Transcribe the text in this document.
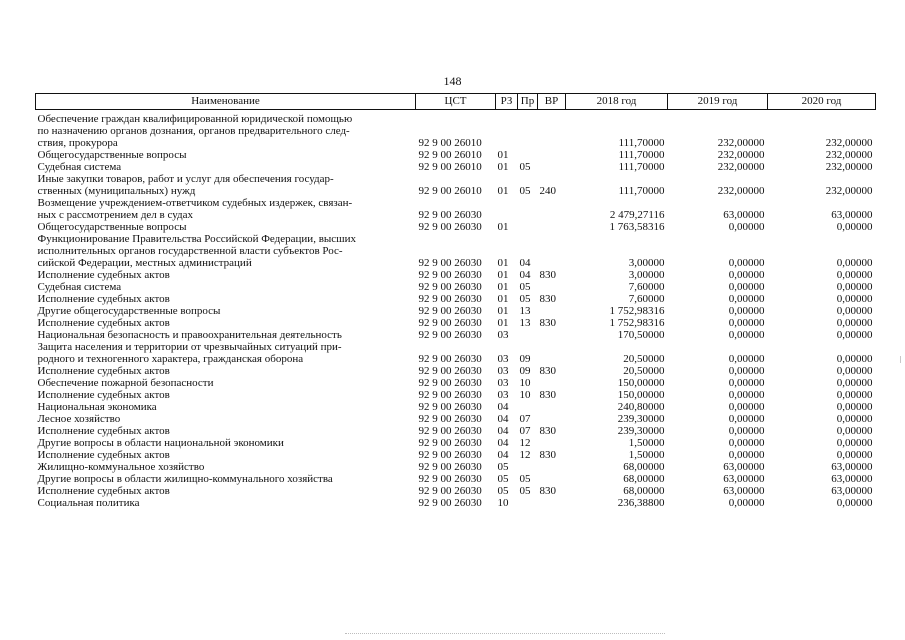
148
Наименование	ЦСТ	РЗ	Пр	ВР	2018 год	2019 год	2020 год

Обеспечение граждан квалифицированной юридической помощью
по назначению органов дознания, органов предварительного след-
ствия, прокурора	92 9 00 26010				111,70000	232,00000	232,00000

Общегосударственные вопросы	92 9 00 26010	01			111,70000	232,00000	232,00000

Судебная система	92 9 00 26010	01	05		111,70000	232,00000	232,00000

Иные закупки товаров, работ и услуг для обеспечения государ-
ственных (муниципальных) нужд	92 9 00 26010	01	05	240	111,70000	232,00000	232,00000

Возмещение учреждением-ответчиком судебных издержек, связан-
ных с рассмотрением дел в судах	92 9 00 26030				2 479,27116	63,00000	63,00000

Общегосударственные вопросы	92 9 00 26030	01			1 763,58316	0,00000	0,00000

Функционирование Правительства Российской Федерации, высших
исполнительных органов государственной власти субъектов Рос-
сийской Федерации, местных администраций	92 9 00 26030	01	04		3,00000	0,00000	0,00000

Исполнение судебных актов	92 9 00 26030	01	04	830	3,00000	0,00000	0,00000

Судебная система	92 9 00 26030	01	05		7,60000	0,00000	0,00000

Исполнение судебных актов	92 9 00 26030	01	05	830	7,60000	0,00000	0,00000

Другие общегосударственные вопросы	92 9 00 26030	01	13		1 752,98316	0,00000	0,00000

Исполнение судебных актов	92 9 00 26030	01	13	830	1 752,98316	0,00000	0,00000

Национальная безопасность и правоохранительная деятельность	92 9 00 26030	03			170,50000	0,00000	0,00000

Защита населения и территории от чрезвычайных ситуаций при-
родного и техногенного характера, гражданская оборона	92 9 00 26030	03	09		20,50000	0,00000	0,00000

Исполнение судебных актов	92 9 00 26030	03	09	830	20,50000	0,00000	0,00000

Обеспечение пожарной безопасности	92 9 00 26030	03	10		150,00000	0,00000	0,00000

Исполнение судебных актов	92 9 00 26030	03	10	830	150,00000	0,00000	0,00000

Национальная экономика	92 9 00 26030	04			240,80000	0,00000	0,00000

Лесное хозяйство	92 9 00 26030	04	07		239,30000	0,00000	0,00000

Исполнение судебных актов	92 9 00 26030	04	07	830	239,30000	0,00000	0,00000

Другие вопросы в области национальной экономики	92 9 00 26030	04	12		1,50000	0,00000	0,00000

Исполнение судебных актов	92 9 00 26030	04	12	830	1,50000	0,00000	0,00000

Жилищно-коммунальное хозяйство	92 9 00 26030	05			68,00000	63,00000	63,00000

Другие вопросы в области жилищно-коммунального хозяйства	92 9 00 26030	05	05		68,00000	63,00000	63,00000

Исполнение судебных актов	92 9 00 26030	05	05	830	68,00000	63,00000	63,00000

Социальная политика	92 9 00 26030	10			236,38800	0,00000	0,00000
